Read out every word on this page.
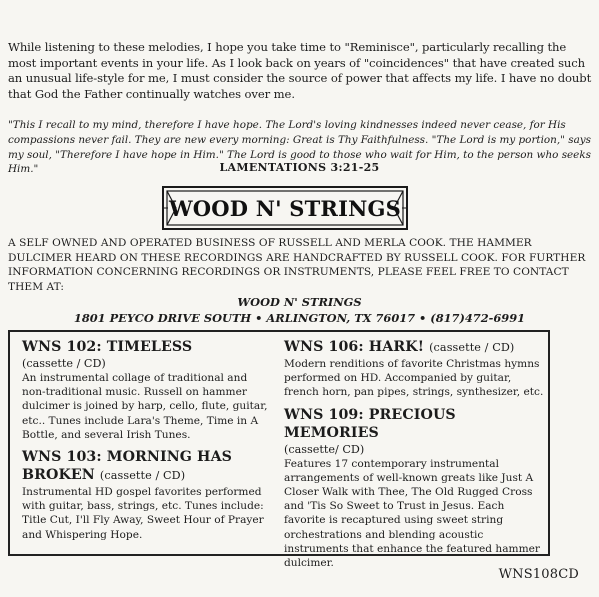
While listening to these melodies, I hope you take time to "Reminisce", particularly recalling the most important events in your life. As I look back on years of "coincidences" that have created such an unusual life-style for me, I must consider the source of power that affects my life. I have no doubt that God the Father continually watches over me.

"This I recall to my mind, therefore I have hope. The Lord's loving kindnesses indeed never cease, for His compassions never fail. They are new every morning: Great is Thy Faithfulness. "The Lord is my portion," says my soul, "Therefore I have hope in Him." The Lord is good to those who wait for Him, to the person who seeks Him."	LAMENTATIONS 3:21-25
WOOD N' STRINGS

A SELF OWNED AND OPERATED BUSINESS OF RUSSELL AND MERLA COOK. THE HAMMER DULCIMER HEARD ON THESE RECORDINGS ARE HANDCRAFTED BY RUSSELL COOK. FOR FURTHER INFORMATION CONCERNING RECORDINGS OR INSTRUMENTS, PLEASE FEEL FREE TO CONTACT THEM AT:

WOOD N' STRINGS
1801 PEYCO DRIVE SOUTH • ARLINGTON, TX 76017 • (817)472-6991
WNS 102: TIMELESS
(cassette / CD)
An instrumental collage of traditional and non-traditional music. Russell on hammer dulcimer is joined by harp, cello, flute, guitar, etc.. Tunes include Lara's Theme, Time in A Bottle, and several Irish Tunes.
WNS 103: MORNING HAS BROKEN (cassette / CD)
Instrumental HD gospel favorites performed with guitar, bass, strings, etc. Tunes include: Title Cut, I'll Fly Away, Sweet Hour of Prayer and Whispering Hope.
WNS 106: HARK! (cassette / CD)
Modern renditions of favorite Christmas hymns performed on HD. Accompanied by guitar, french horn, pan pipes, strings, synthesizer, etc.
WNS 109: PRECIOUS MEMORIES
(cassette/ CD)
Features 17 contemporary instrumental arrangements of well-known greats like Just A Closer Walk with Thee, The Old Rugged Cross and 'Tis So Sweet to Trust in Jesus. Each favorite is recaptured using sweet string orchestrations and blending acoustic instruments that enhance the featured hammer dulcimer.
WNS108CD
